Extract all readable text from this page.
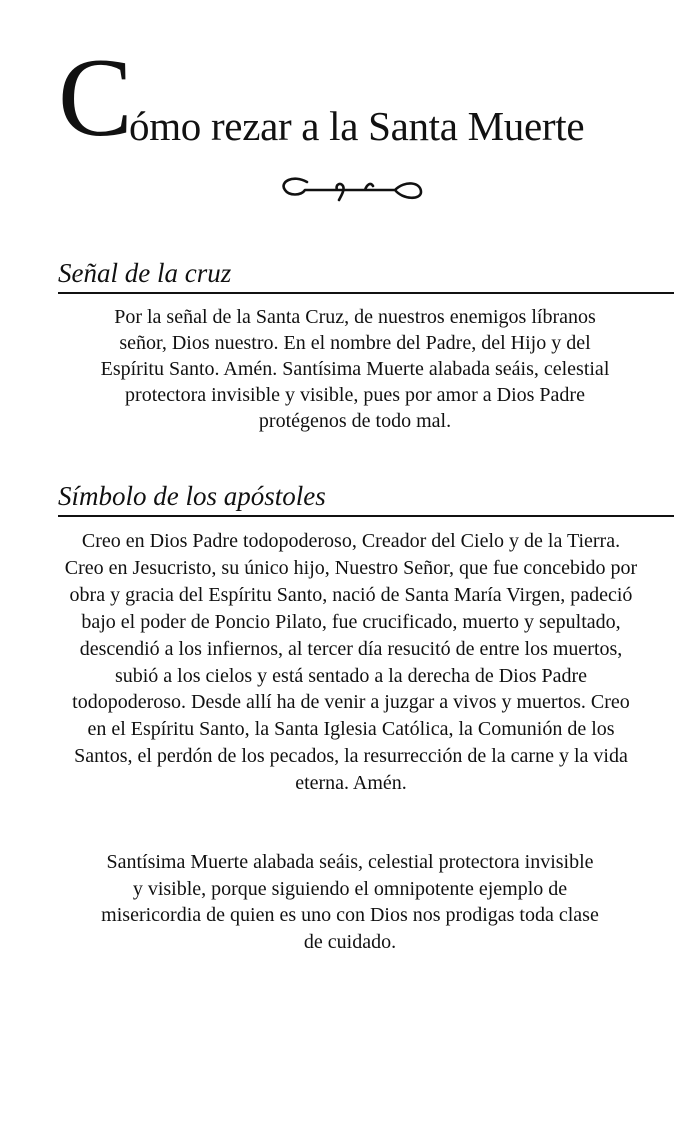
C
ómo rezar a la Santa Muerte
Señal de la cruz

Por la señal de la Santa Cruz, de nuestros enemigos líbranos señor, Dios nuestro. En el nombre del Padre, del Hijo y del Espíritu Santo. Amén. Santísima Muerte alabada seáis, celestial protectora invisible y visible, pues por amor a Dios Padre protégenos de todo mal.

Símbolo de los apóstoles

Creo en Dios Padre todopoderoso, Creador del Cielo y de la Tierra. Creo en Jesucristo, su único hijo, Nuestro Señor, que fue concebido por obra y gracia del Espíritu Santo, nació de Santa María Virgen, padeció bajo el poder de Poncio Pilato, fue crucificado, muerto y sepultado, descendió a los infiernos, al tercer día resucitó de entre los muertos, subió a los cielos y está sentado a la derecha de Dios Padre todopoderoso. Desde allí ha de venir a juzgar a vivos y muertos. Creo en el Espíritu Santo, la Santa Iglesia Católica, la Comunión de los Santos, el perdón de los pecados, la resurrección de la carne y la vida eterna. Amén.

Santísima Muerte alabada seáis, celestial protectora invisible y visible, porque siguiendo el omnipotente ejemplo de misericordia de quien es uno con Dios nos prodigas toda clase de cuidado.
